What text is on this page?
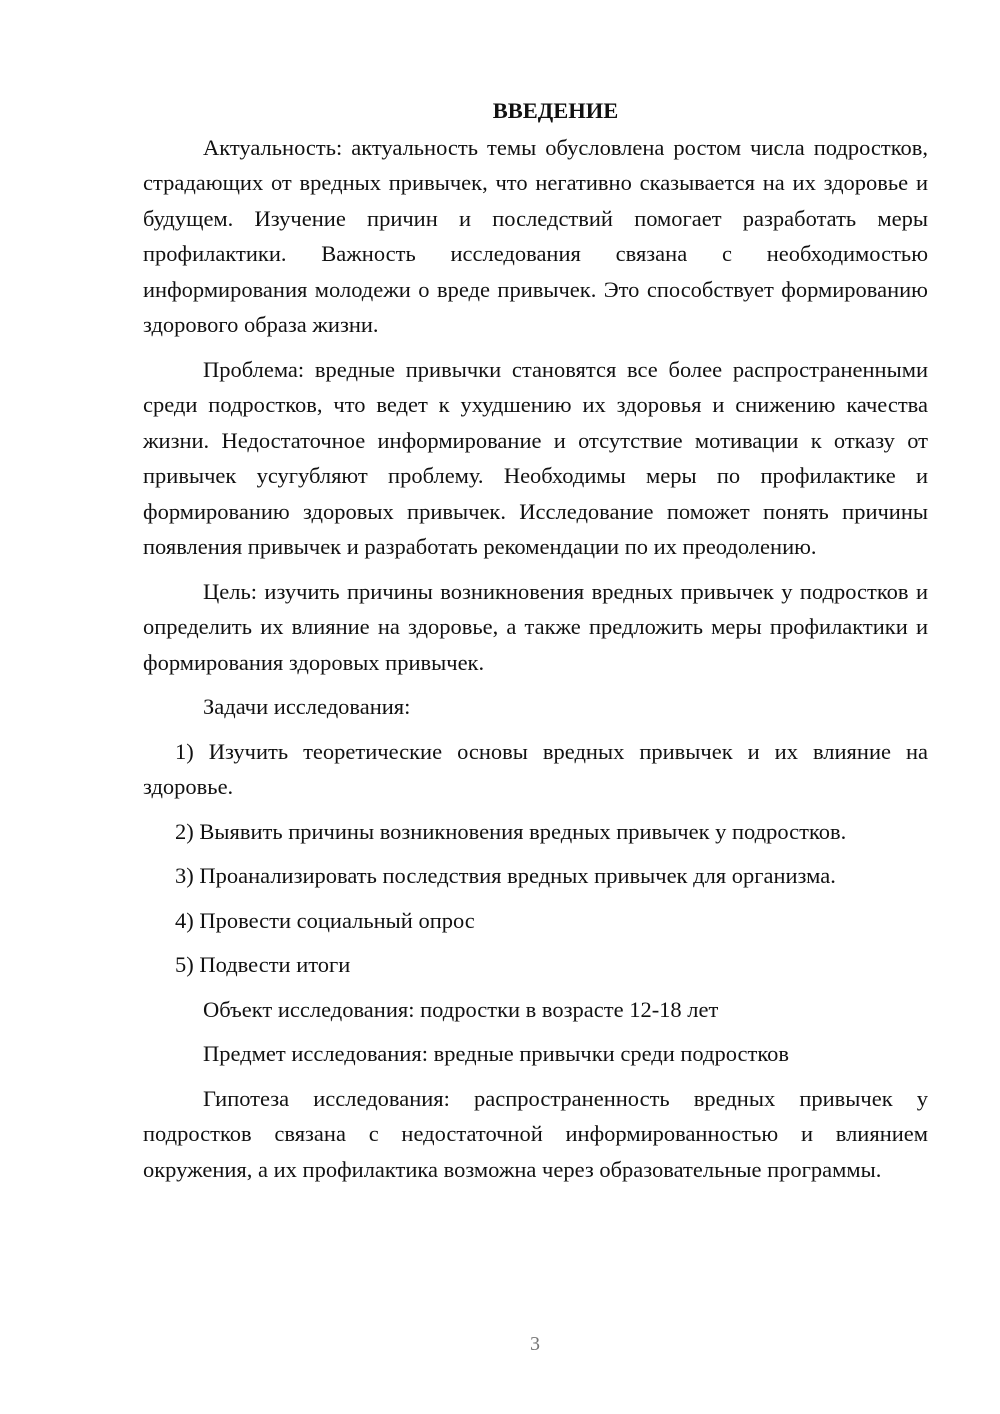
ВВЕДЕНИЕ

Актуальность: актуальность темы обусловлена ростом числа подростков, страдающих от вредных привычек, что негативно сказывается на их здоровье и будущем. Изучение причин и последствий помогает разработать меры профилактики. Важность исследования связана с необходимостью информирования молодежи о вреде привычек. Это способствует формированию здорового образа жизни.

Проблема: вредные привычки становятся все более распространенными среди подростков, что ведет к ухудшению их здоровья и снижению качества жизни. Недостаточное информирование и отсутствие мотивации к отказу от привычек усугубляют проблему. Необходимы меры по профилактике и формированию здоровых привычек. Исследование поможет понять причины появления привычек и разработать рекомендации по их преодолению.

Цель: изучить причины возникновения вредных привычек у подростков и определить их влияние на здоровье, а также предложить меры профилактики и формирования здоровых привычек.

Задачи исследования:

1) Изучить теоретические основы вредных привычек и их влияние на здоровье.

2) Выявить причины возникновения вредных привычек у подростков.

3) Проанализировать последствия вредных привычек для организма.

4) Провести социальный опрос

5) Подвести итоги

Объект исследования: подростки в возрасте 12-18 лет

Предмет исследования: вредные привычки среди подростков

Гипотеза исследования: распространенность вредных привычек у подростков связана с недостаточной информированностью и влиянием окружения, а их профилактика возможна через образовательные программы.

3
